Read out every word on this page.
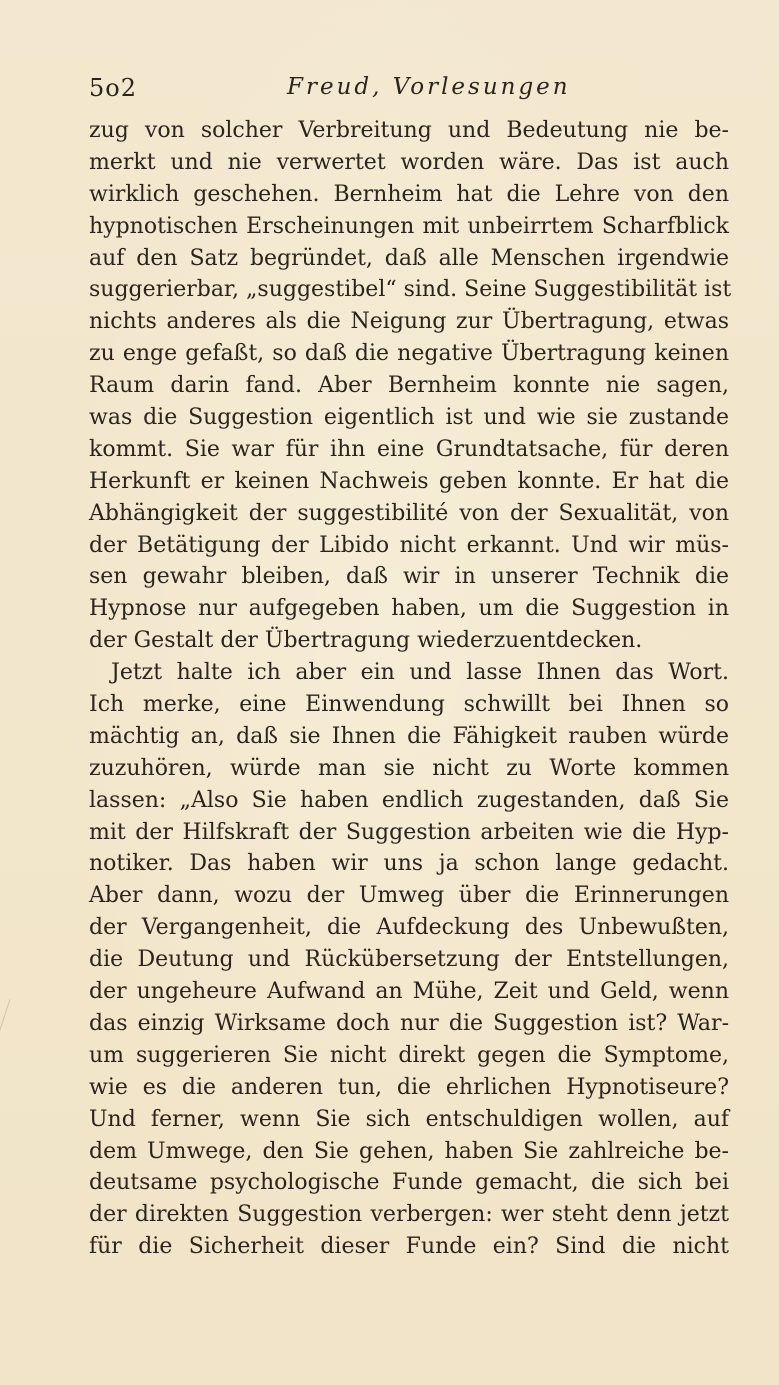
5o2	Freud, Vorlesungen
zug von solcher Verbreitung und Bedeutung nie be-
merkt und nie verwertet worden wäre. Das ist auch
wirklich geschehen. Bernheim hat die Lehre von den
hypnotischen Erscheinungen mit unbeirrtem Scharfblick
auf den Satz begründet, daß alle Menschen irgendwie
suggerierbar, „suggestibel“ sind. Seine Suggestibilität ist
nichts anderes als die Neigung zur Übertragung, etwas
zu enge gefaßt, so daß die negative Übertragung keinen
Raum darin fand. Aber Bernheim konnte nie sagen,
was die Suggestion eigentlich ist und wie sie zustande
kommt. Sie war für ihn eine Grundtatsache, für deren
Herkunft er keinen Nachweis geben konnte. Er hat die
Abhängigkeit der suggestibilité von der Sexualität, von
der Betätigung der Libido nicht erkannt. Und wir müs-
sen gewahr bleiben, daß wir in unserer Technik die
Hypnose nur aufgegeben haben, um die Suggestion in
der Gestalt der Übertragung wiederzuentdecken.
Jetzt halte ich aber ein und lasse Ihnen das Wort.
Ich merke, eine Einwendung schwillt bei Ihnen so
mächtig an, daß sie Ihnen die Fähigkeit rauben würde
zuzuhören, würde man sie nicht zu Worte kommen
lassen: „Also Sie haben endlich zugestanden, daß Sie
mit der Hilfskraft der Suggestion arbeiten wie die Hyp-
notiker. Das haben wir uns ja schon lange gedacht.
Aber dann, wozu der Umweg über die Erinnerungen
der Vergangenheit, die Aufdeckung des Unbewußten,
die Deutung und Rückübersetzung der Entstellungen,
der ungeheure Aufwand an Mühe, Zeit und Geld, wenn
das einzig Wirksame doch nur die Suggestion ist? War-
um suggerieren Sie nicht direkt gegen die Symptome,
wie es die anderen tun, die ehrlichen Hypnotiseure?
Und ferner, wenn Sie sich entschuldigen wollen, auf
dem Umwege, den Sie gehen, haben Sie zahlreiche be-
deutsame psychologische Funde gemacht, die sich bei
der direkten Suggestion verbergen: wer steht denn jetzt
für die Sicherheit dieser Funde ein? Sind die nicht
